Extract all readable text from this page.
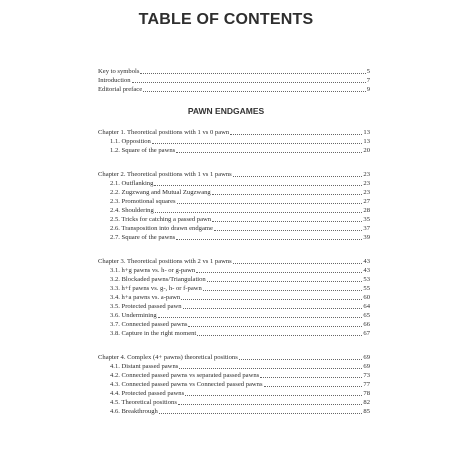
TABLE OF CONTENTS
PAWN ENDGAMES
Key to symbols	5
Introduction	7
Editorial preface	9
Chapter 1. Theoretical positions with 1 vs 0 pawn	13
1.1. Opposition	13
1.2. Square of the pawns	20
Chapter 2. Theoretical positions with 1 vs 1 pawns	23
2.1. Outflanking	23
2.2. Zugzwang and Mutual Zugzwang	23
2.3. Promotional squares	27
2.4. Shouldering	28
2.5. Tricks for catching a passed pawn	35
2.6. Transposition into drawn endgame	37
2.7. Square of the pawns	39
Chapter 3. Theoretical positions with 2 vs 1 pawns	43
3.1. h+g pawns vs. h- or g-pawn	43
3.2. Blockaded pawns/Triangulation	53
3.3. h+f pawns vs. g-, h- or f-pawn	55
3.4. h+a pawns vs. a-pawn	60
3.5. Protected passed pawn	64
3.6. Undermining	65
3.7. Connected passed pawns	66
3.8. Capture in the right moment	67
Chapter 4. Complex (4+ pawns) theoretical positions	69
4.1. Distant passed pawns	69
4.2. Connected passed pawns vs separated passed pawns	73
4.3. Connected passed pawns vs Connected passed pawns	77
4.4. Protected passed pawns	78
4.5. Theoretical positions	82
4.6. Breakthrough	85
